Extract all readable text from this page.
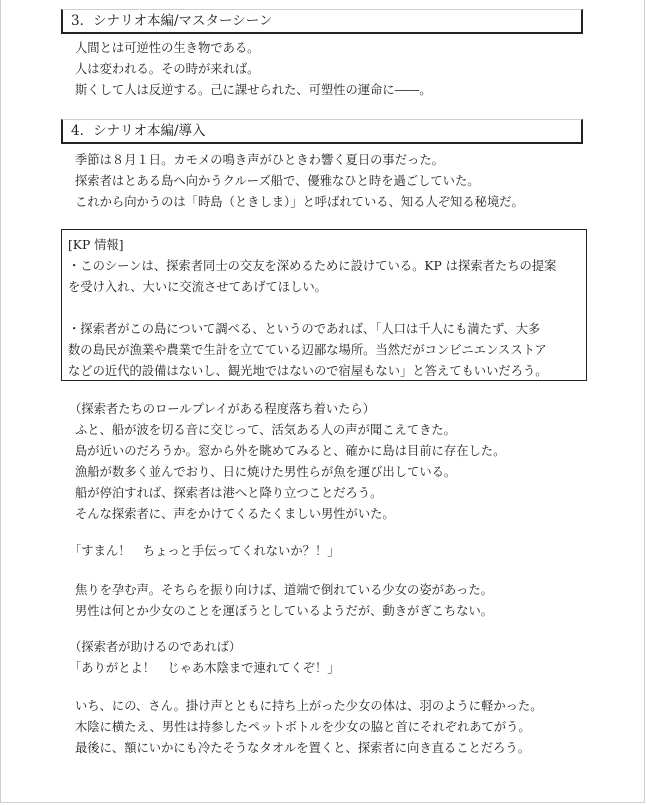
3．シナリオ本編/マスターシーン
人間とは可逆性の生き物である。
人は変われる。その時が来れば。
斯くして人は反逆する。己に課せられた、可塑性の運命に――。
4．シナリオ本編/導入
季節は８月１日。カモメの鳴き声がひときわ響く夏日の事だった。
探索者はとある島へ向かうクルーズ船で、優雅なひと時を過ごしていた。
これから向かうのは「時島（ときしま）」と呼ばれている、知る人ぞ知る秘境だ。
[KP 情報]
・このシーンは、探索者同士の交友を深めるために設けている。KP は探索者たちの提案
を受け入れ、大いに交流させてあげてほしい。

・探索者がこの島について調べる、というのであれば、「人口は千人にも満たず、大多
数の島民が漁業や農業で生計を立てている辺鄙な場所。当然だがコンビニエンスストア
などの近代的設備はないし、観光地ではないので宿屋もない」と答えてもいいだろう。
（探索者たちのロールプレイがある程度落ち着いたら）
ふと、船が波を切る音に交じって、活気ある人の声が聞こえてきた。
島が近いのだろうか。窓から外を眺めてみると、確かに島は目前に存在した。
漁船が数多く並んでおり、日に焼けた男性らが魚を運び出している。
船が停泊すれば、探索者は港へと降り立つことだろう。
そんな探索者に、声をかけてくるたくましい男性がいた。
「すまん！　ちょっと手伝ってくれないか？！」
焦りを孕む声。そちらを振り向けば、道端で倒れている少女の姿があった。
男性は何とか少女のことを運ぼうとしているようだが、動きがぎこちない。
（探索者が助けるのであれば）
「ありがとよ！　じゃあ木陰まで連れてくぞ！」
いち、にの、さん。掛け声とともに持ち上がった少女の体は、羽のように軽かった。
木陰に横たえ、男性は持参したペットボトルを少女の脇と首にそれぞれあてがう。
最後に、額にいかにも冷たそうなタオルを置くと、探索者に向き直ることだろう。
